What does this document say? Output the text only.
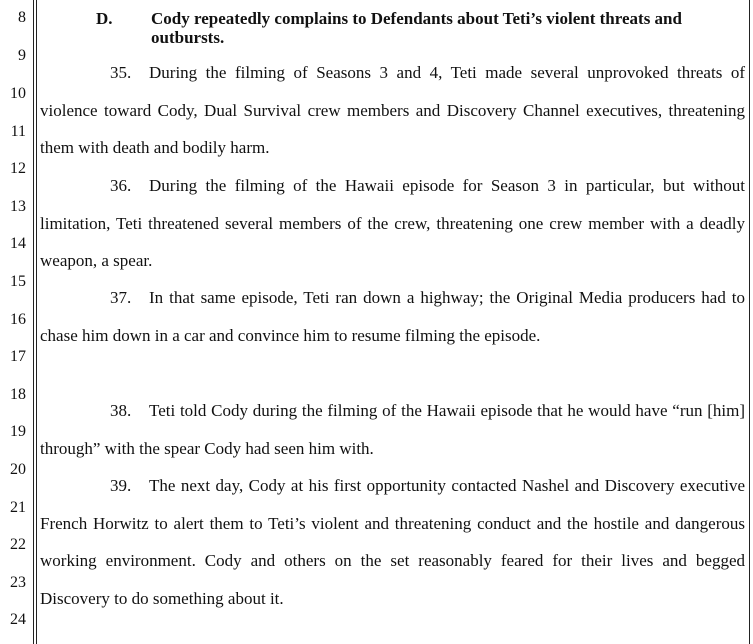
8
9
10
11
12
13
14
15
16
17
18
19
20
21
22
23
24
D. Cody repeatedly complains to Defendants about Teti’s violent threats and outbursts.
35. During the filming of Seasons 3 and 4, Teti made several unprovoked threats of violence toward Cody, Dual Survival crew members and Discovery Channel executives, threatening them with death and bodily harm.
36. During the filming of the Hawaii episode for Season 3 in particular, but without limitation, Teti threatened several members of the crew, threatening one crew member with a deadly weapon, a spear.
37. In that same episode, Teti ran down a highway; the Original Media producers had to chase him down in a car and convince him to resume filming the episode.
38. Teti told Cody during the filming of the Hawaii episode that he would have “run [him] through” with the spear Cody had seen him with.
39. The next day, Cody at his first opportunity contacted Nashel and Discovery executive French Horwitz to alert them to Teti’s violent and threatening conduct and the hostile and dangerous working environment. Cody and others on the set reasonably feared for their lives and begged Discovery to do something about it.
